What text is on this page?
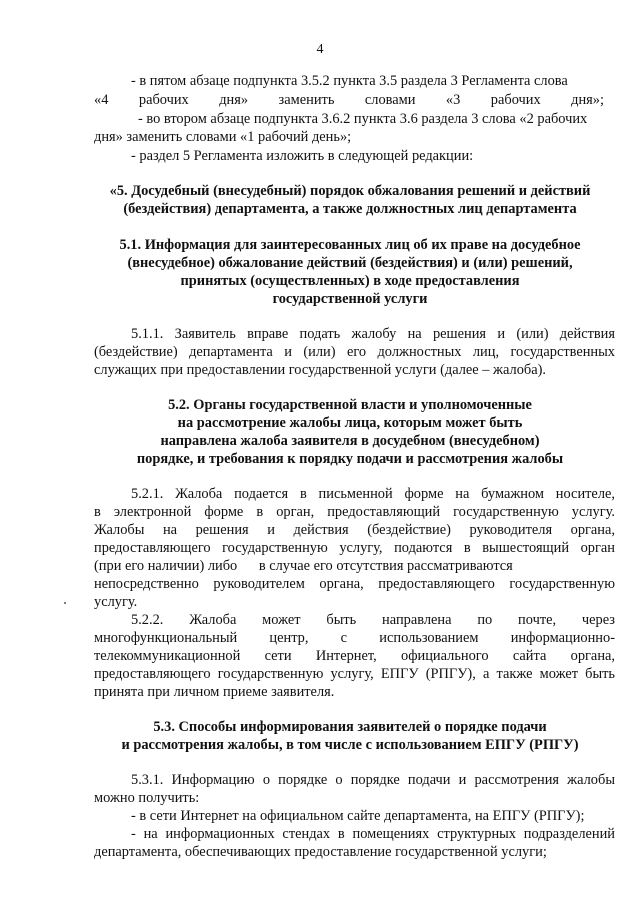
4
- в пятом абзаце подпункта 3.5.2 пункта 3.5 раздела 3 Регламента слова
«4 рабочих дня» заменить словами «3 рабочих дня»;
- во втором абзаце подпункта 3.6.2 пункта 3.6 раздела 3 слова «2 рабочих
дня» заменить словами «1 рабочий день»;
- раздел 5 Регламента изложить в следующей редакции:
«5. Досудебный (внесудебный) порядок обжалования решений и действий
(бездействия) департамента, а также должностных лиц департамента
5.1. Информация для заинтересованных лиц об их праве на досудебное
(внесудебное) обжалование действий (бездействия) и (или) решений,
принятых (осуществленных) в ходе предоставления
государственной услуги
5.1.1. Заявитель вправе подать жалобу на решения и (или) действия
(бездействие) департамента и (или) его должностных лиц, государственных
служащих при предоставлении государственной услуги (далее – жалоба).
5.2. Органы государственной власти и уполномоченные
на рассмотрение жалобы лица, которым может быть
направлена жалоба заявителя в досудебном (внесудебном)
порядке, и требования к порядку подачи и рассмотрения жалобы
5.2.1. Жалоба подается в письменной форме на бумажном носителе,
в электронной форме в орган, предоставляющий государственную услугу.
Жалобы на решения и действия (бездействие) руководителя органа,
предоставляющего государственную услугу, подаются в вышестоящий орган
(при его наличии) либо      в случае его отсутствия рассматриваются
непосредственно руководителем органа, предоставляющего государственную
услугу.
5.2.2. Жалоба может быть направлена по почте, через
многофункциональный центр, с использованием информационно-
телекоммуникационной сети Интернет, официального сайта органа,
предоставляющего государственную услугу, ЕПГУ (РПГУ), а также может быть
принята при личном приеме заявителя.
5.3. Способы информирования заявителей о порядке подачи
и рассмотрения жалобы, в том числе с использованием ЕПГУ (РПГУ)
5.3.1. Информацию о порядке о порядке подачи и рассмотрения жалобы
можно получить:
- в сети Интернет на официальном сайте департамента, на ЕПГУ (РПГУ);
- на информационных стендах в помещениях структурных подразделений
департамента, обеспечивающих предоставление государственной услуги;
